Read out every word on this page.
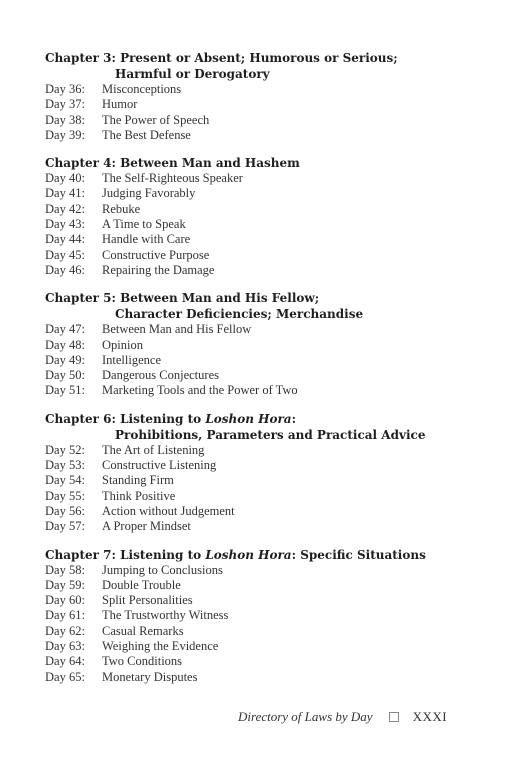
Chapter 3: Present or Absent; Humorous or Serious;
Harmful or Derogatory
Day 36:	Misconceptions
Day 37:	Humor
Day 38:	The Power of Speech
Day 39:	The Best Defense
Chapter 4: Between Man and Hashem
Day 40:	The Self-Righteous Speaker
Day 41:	Judging Favorably
Day 42:	Rebuke
Day 43:	A Time to Speak
Day 44:	Handle with Care
Day 45:	Constructive Purpose
Day 46:	Repairing the Damage
Chapter 5: Between Man and His Fellow;
Character Deficiencies; Merchandise
Day 47:	Between Man and His Fellow
Day 48:	Opinion
Day 49:	Intelligence
Day 50:	Dangerous Conjectures
Day 51:	Marketing Tools and the Power of Two
Chapter 6: Listening to Loshon Hora:
Prohibitions, Parameters and Practical Advice
Day 52:	The Art of Listening
Day 53:	Constructive Listening
Day 54:	Standing Firm
Day 55:	Think Positive
Day 56:	Action without Judgement
Day 57:	A Proper Mindset
Chapter 7: Listening to Loshon Hora: Specific Situations
Day 58:	Jumping to Conclusions
Day 59:	Double Trouble
Day 60:	Split Personalities
Day 61:	The Trustworthy Witness
Day 62:	Casual Remarks
Day 63:	Weighing the Evidence
Day 64:	Two Conditions
Day 65:	Monetary Disputes
Directory of Laws by Day	XXXI
